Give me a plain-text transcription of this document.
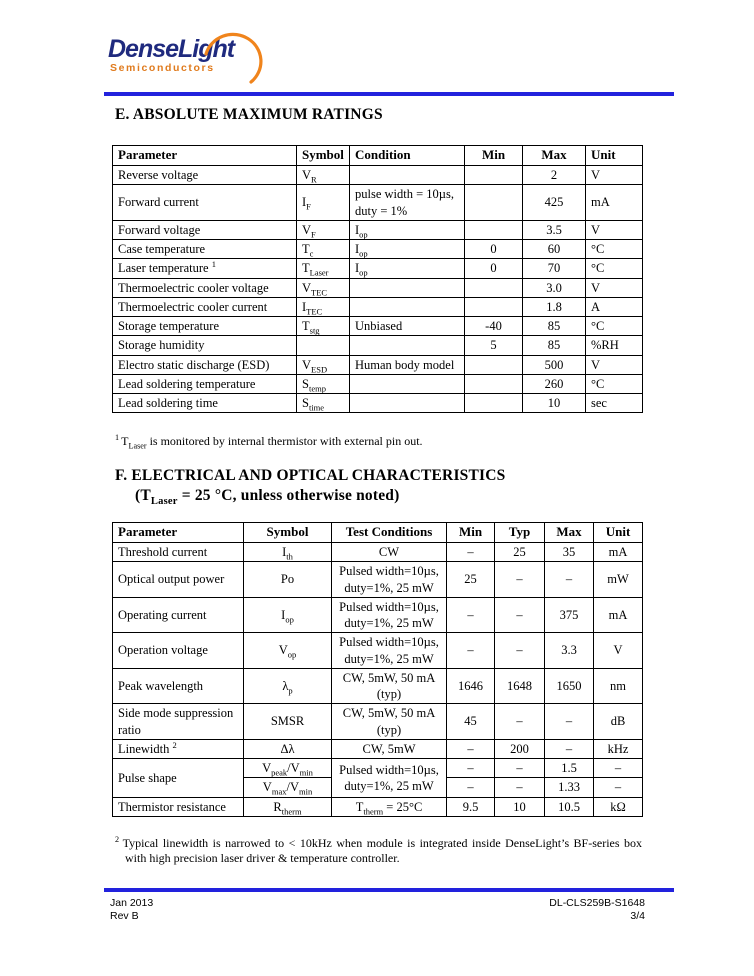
DenseLight
Semiconductors
E. ABSOLUTE MAXIMUM RATINGS
Parameter	Symbol	Condition	Min	Max	Unit
Reverse voltage	$V_R$			2	V
Forward current	$I_F$	pulse width = 10µs, duty = 1%		425	mA
Forward voltage	$V_F$	$I_{op}$		3.5	V
Case temperature	$T_c$	$I_{op}$	0	60	°C
Laser temperature $^1$	$T_{Laser}$	$I_{op}$	0	70	°C
Thermoelectric cooler voltage	$V_{TEC}$			3.0	V
Thermoelectric cooler current	$I_{TEC}$			1.8	A
Storage temperature	$T_{stg}$	Unbiased	-40	85	°C
Storage humidity			5	85	%RH
Electro static discharge (ESD)	$V_{ESD}$	Human body model		500	V
Lead soldering temperature	$S_{temp}$			260	°C
Lead soldering time	$S_{time}$			10	sec
$^1$ $T_{Laser}$ is monitored by internal thermistor with external pin out.
F. ELECTRICAL AND OPTICAL CHARACTERISTICS
($T_{Laser} = 25$ °C, unless otherwise noted)
Parameter	Symbol	Test Conditions	Min	Typ	Max	Unit
Threshold current	$I_{th}$	CW	–	25	35	mA
Optical output power	Po	Pulsed width=10µs, duty=1%, 25 mW	25	–	–	mW
Operating current	$I_{op}$	Pulsed width=10µs, duty=1%, 25 mW	–	–	375	mA
Operation voltage	$V_{op}$	Pulsed width=10µs, duty=1%, 25 mW	–	–	3.3	V
Peak wavelength	$\lambda_p$	CW, 5mW, 50 mA (typ)	1646	1648	1650	nm
Side mode suppression ratio	SMSR	CW, 5mW, 50 mA (typ)	45	–	–	dB
Linewidth $^2$	Δλ	CW, 5mW	–	200	–	kHz
Pulse shape	$V_{peak}/V_{min}$	Pulsed width=10µs, duty=1%, 25 mW	–	–	1.5	–
	$V_{max}/V_{min}$		–	–	1.33	–
Thermistor resistance	$R_{therm}$	$T_{therm} = 25^\circ C$	9.5	10	10.5	kΩ
$^2$ Typical linewidth is narrowed to < 10kHz when module is integrated inside DenseLight’s BF-series box with high precision laser driver & temperature controller.
Jan 2013
Rev B
DL-CLS259B-S1648
3/4
